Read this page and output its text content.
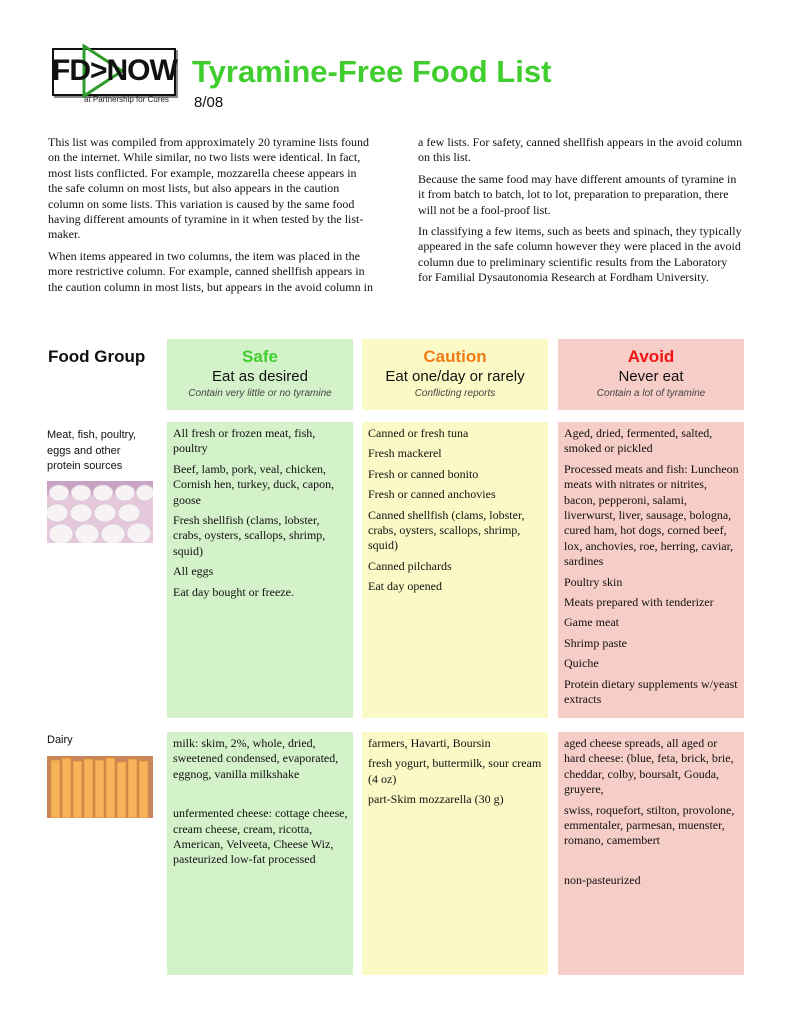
FD>NOW
at Partnership for Cures
Tyramine-Free Food List
8/08

This list was compiled from approximately 20 tyramine lists found on the internet. While similar, no two lists were identical. In fact, most lists conflicted. For example, mozzarella cheese appears in the safe column on most lists, but also appears in the caution column on some lists. This variation is caused by the same food having different amounts of tyramine in it when tested by the list-maker.

When items appeared in two columns, the item was placed in the more restrictive column. For example, canned shellfish appears in the caution column in most lists, but appears in the avoid column in a few lists. For safety, canned shellfish appears in the avoid column on this list.

Because the same food may have different amounts of tyramine in it from batch to batch, lot to lot, preparation to preparation, there will not be a fool-proof list.

In classifying a few items, such as beets and spinach, they typically appeared in the safe column however they were placed in the avoid column due to preliminary scientific results from the Laboratory for Familial Dysautonomia Research at Fordham University.

Food Group	Safe
Eat as desired
Contain very little or no tyramine
Caution
Eat one/day or rarely
Conflicting reports
Avoid
Never eat
Contain a lot of tyramine
Meat, fish, poultry, eggs and other protein sources
All fresh or frozen meat, fish, poultry
Beef, lamb, pork, veal, chicken, Cornish hen, turkey, duck, capon, goose
Fresh shellfish (clams, lobster, crabs, oysters, scallops, shrimp, squid)
All eggs
Eat day bought or freeze.
Canned or fresh tuna
Fresh mackerel
Fresh or canned bonito
Fresh or canned anchovies
Canned shellfish (clams, lobster, crabs, oysters, scallops, shrimp, squid)
Canned pilchards
Eat day opened
Aged, dried, fermented, salted, smoked or pickled
Processed meats and fish: Luncheon meats with nitrates or nitrites, bacon, pepperoni, salami, liverwurst, liver, sausage, bologna, cured ham, hot dogs, corned beef, lox, anchovies, roe, herring, caviar, sardines
Poultry skin
Meats prepared with tenderizer
Game meat
Shrimp paste
Quiche
Protein dietary supplements w/yeast extracts
Dairy	milk: skim, 2%, whole, dried, sweetened condensed, evaporated, eggnog, vanilla milkshake
unfermented cheese: cottage cheese, cream cheese, cream, ricotta, American, Velveeta, Cheese Wiz, pasteurized low-fat processed
farmers, Havarti, Boursin
fresh yogurt, buttermilk, sour cream (4 oz)
part-Skim mozzarella (30 g)
aged cheese spreads, all aged or hard cheese: (blue, feta, brick, brie, cheddar, colby, boursalt, Gouda, gruyere,
swiss, roquefort, stilton, provolone, emmentaler, parmesan, muenster, romano, camembert
non-pasteurized
